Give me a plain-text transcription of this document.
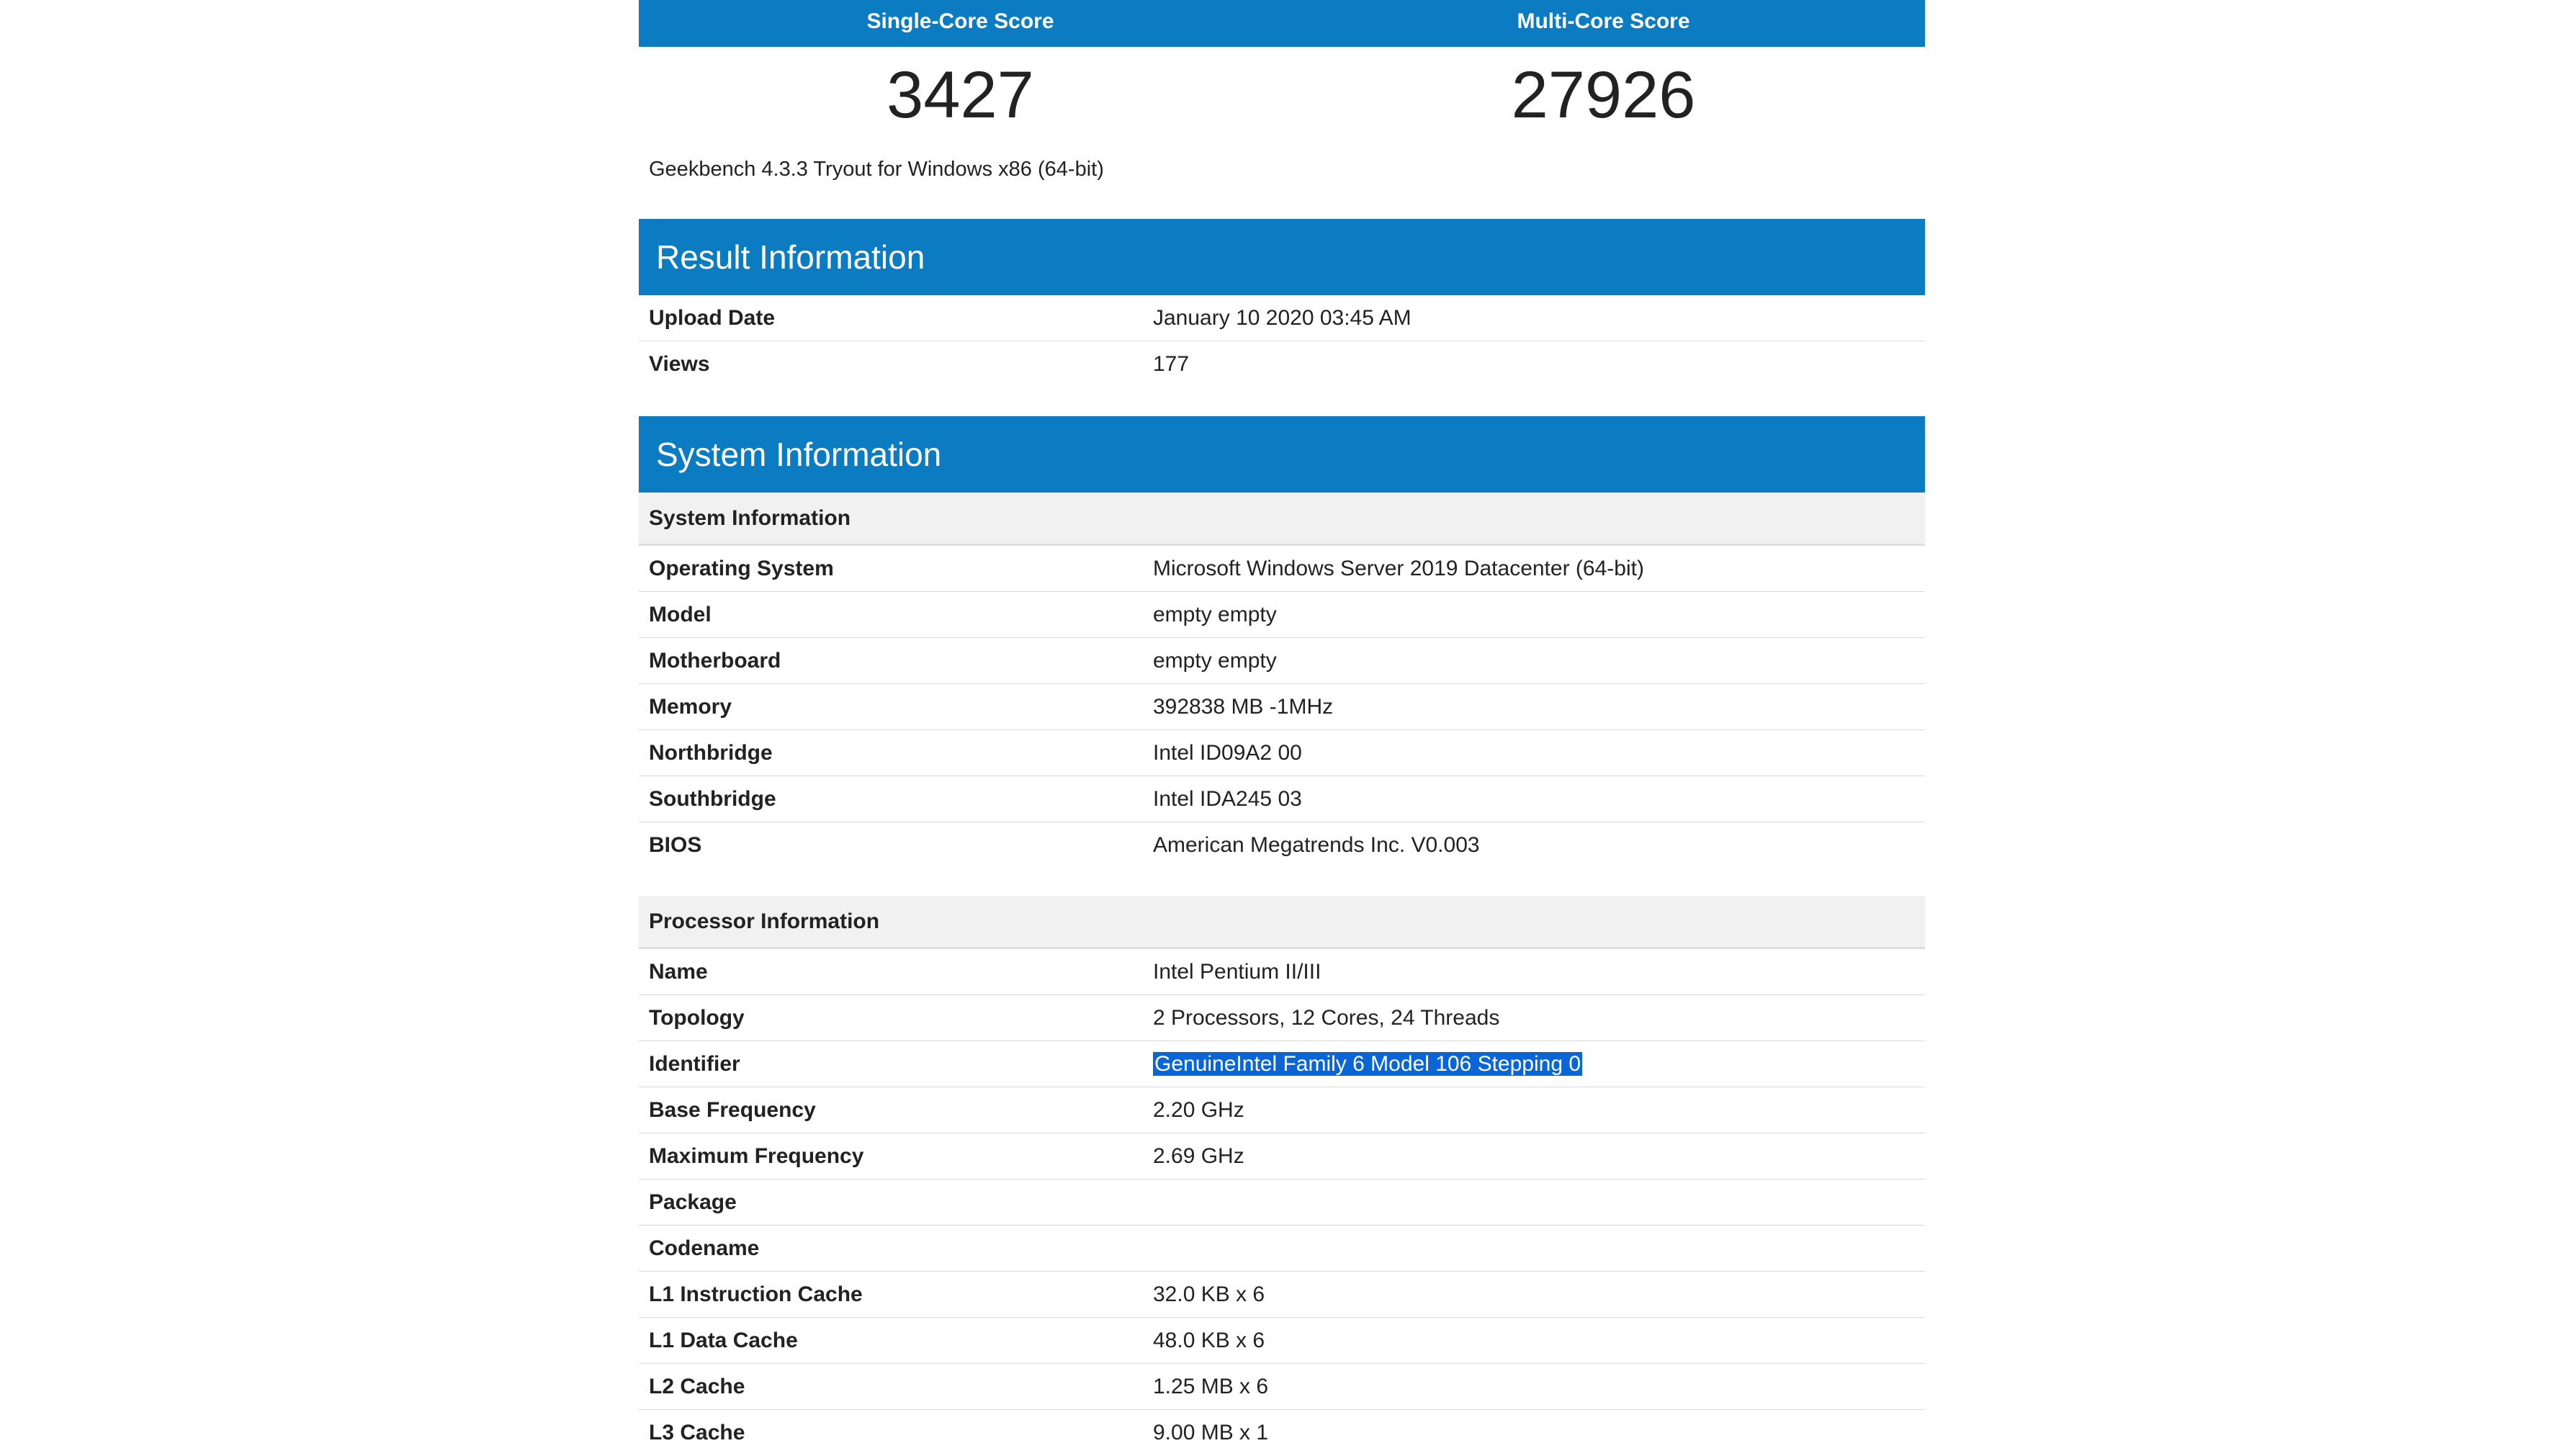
Single-Core Score	Multi-Core Score
3427	27926
Geekbench 4.3.3 Tryout for Windows x86 (64-bit)
Result Information
Upload Date	January 10 2020 03:45 AM
Views	177
System Information
System Information
Operating System	Microsoft Windows Server 2019 Datacenter (64-bit)
Model	empty empty
Motherboard	empty empty
Memory	392838 MB -1MHz
Northbridge	Intel ID09A2 00
Southbridge	Intel IDA245 03
BIOS	American Megatrends Inc. V0.003
Processor Information
Name	Intel Pentium II/III
Topology	2 Processors, 12 Cores, 24 Threads
Identifier	GenuineIntel Family 6 Model 106 Stepping 0
Base Frequency	2.20 GHz
Maximum Frequency	2.69 GHz
Package
Codename
L1 Instruction Cache	32.0 KB x 6
L1 Data Cache	48.0 KB x 6
L2 Cache	1.25 MB x 6
L3 Cache	9.00 MB x 1
